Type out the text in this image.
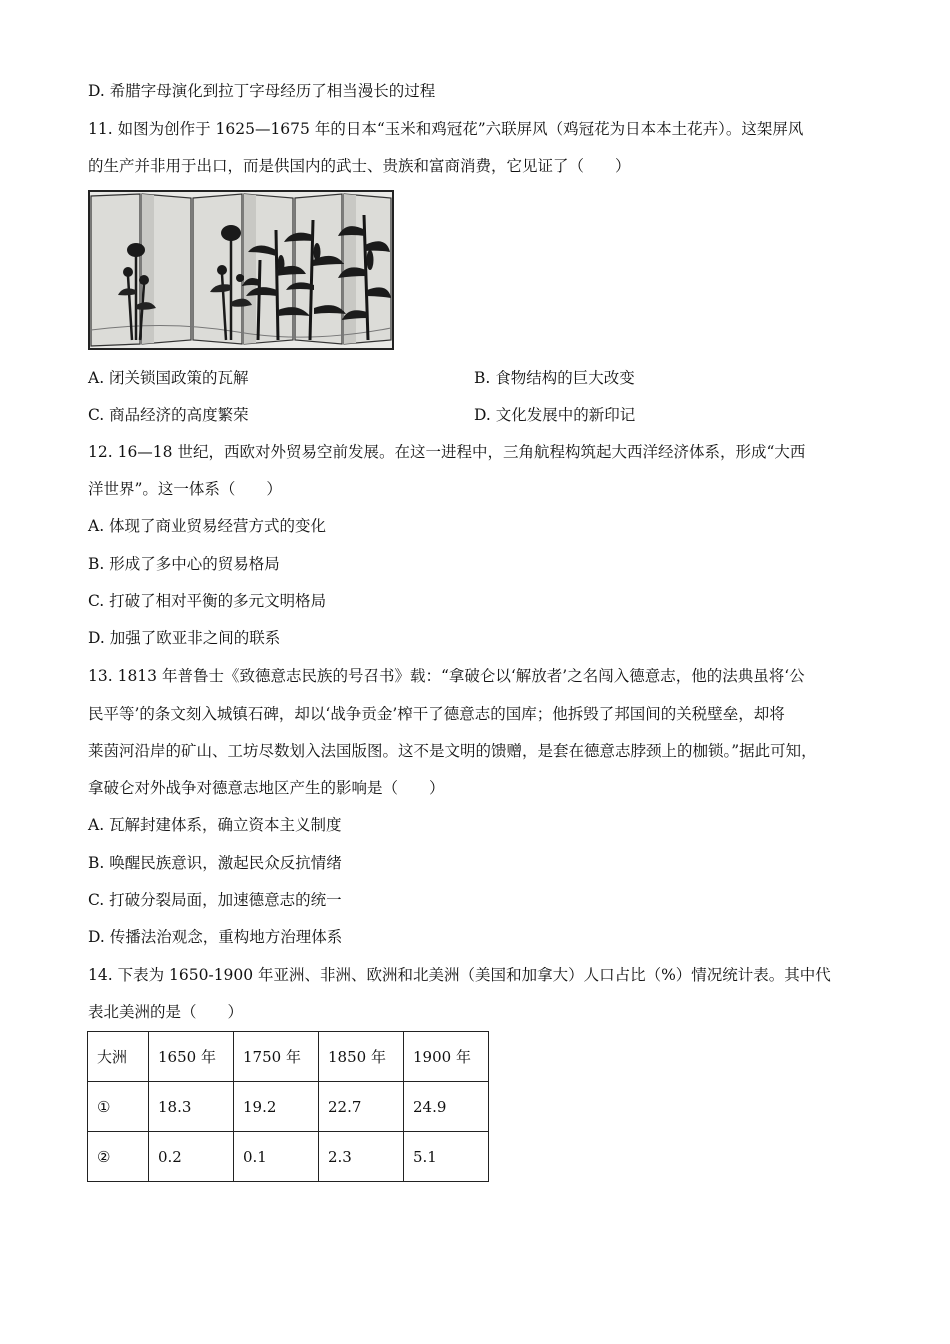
D. 希腊字母演化到拉丁字母经历了相当漫长的过程
11. 如图为创作于 1625—1675 年的日本“玉米和鸡冠花”六联屏风（鸡冠花为日本本土花卉）。这架屏风
的生产并非用于出口，而是供国内的武士、贵族和富商消费，它见证了（　　）
A. 闭关锁国政策的瓦解	B. 食物结构的巨大改变
C. 商品经济的高度繁荣	D. 文化发展中的新印记
12. 16—18 世纪，西欧对外贸易空前发展。在这一进程中，三角航程构筑起大西洋经济体系，形成“大西
洋世界”。这一体系（　　）
A. 体现了商业贸易经营方式的变化
B. 形成了多中心的贸易格局
C. 打破了相对平衡的多元文明格局
D. 加强了欧亚非之间的联系
13. 1813 年普鲁士《致德意志民族的号召书》载：“拿破仑以‘解放者’之名闯入德意志，他的法典虽将‘公
民平等’的条文刻入城镇石碑，却以‘战争贡金’榨干了德意志的国库；他拆毁了邦国间的关税壁垒，却将
莱茵河沿岸的矿山、工坊尽数划入法国版图。这不是文明的馈赠，是套在德意志脖颈上的枷锁。”据此可知，
拿破仑对外战争对德意志地区产生的影响是（　　）
A. 瓦解封建体系，确立资本主义制度
B. 唤醒民族意识，激起民众反抗情绪
C. 打破分裂局面，加速德意志的统一
D. 传播法治观念，重构地方治理体系
14. 下表为 1650-1900 年亚洲、非洲、欧洲和北美洲（美国和加拿大）人口占比（%）情况统计表。其中代
表北美洲的是（　　）
大洲	1650 年	1750 年	1850 年	1900 年
①	18.3	19.2	22.7	24.9
②	0.2	0.1	2.3	5.1
